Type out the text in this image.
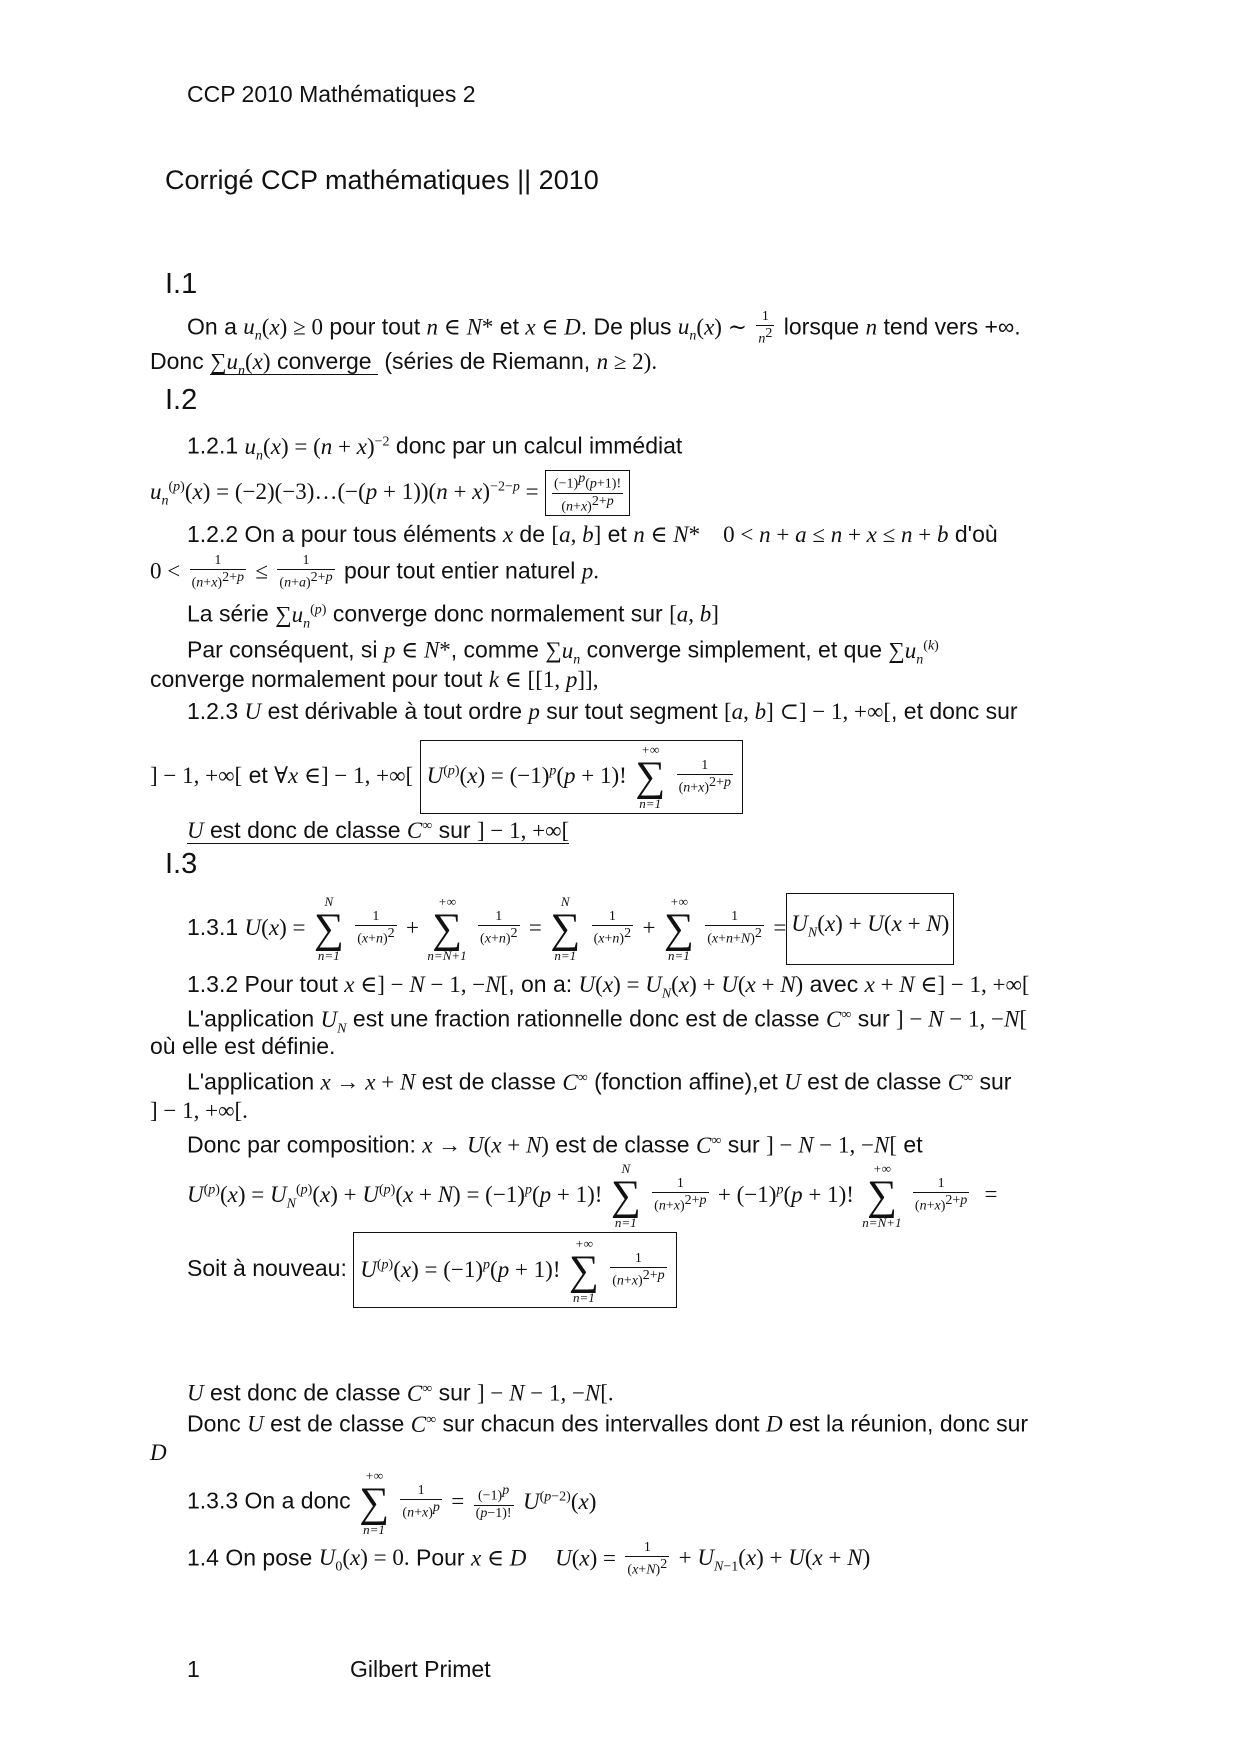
CCP 2010 Mathématiques 2
Corrigé CCP mathématiques || 2010
I.1
On a $u_n(x) \ge 0$ pour tout n ∈ N* et x ∈ D. De plus $u_n(x)$ ∼ $\frac{1}{n^2}$ lorsque n tend vers +∞.
Donc $\sum u_n(x)$ converge (séries de Riemann, n ≥ 2).
I.2
1.2.1 $u_n(x) = (n + x)^{-2}$ donc par un calcul immédiat
$u_n^{(p)}(x)$ = (−2)(−3)…(−(p + $1))(n + x)^{-2-p} = \frac{(-1)^p(p+1)!}{(n+x)^{2+p}}$
1.2.2 On a pour tous éléments x de [a, b] et n ∈ N*    0 < n + a ≤ n + x ≤ n + b d'où
$0 < \frac{1}{(n+x)^{2+p}} \le \frac{1}{(n+a)^{2+p}}$ pour tout entier naturel p.
La série $\sum u_n^{(p)}$ converge donc normalement sur [a, b]
Par conséquent, si p ∈ N*, comme $\sum u_n$ converge simplement, et que $\sum u_n^{(k)}$
converge normalement pour tout k ∈ [[1, p]],
1.2.3 U est dérivable à tout ordre p sur tout segment [a, b] ⊂] − 1, +∞[, et donc sur
] − 1, +∞[ et ∀x ∈] − 1, +∞[ $U^{(p)}(x) = (-1)^p(p + 1)$!
+∞
∑
n=1

$\frac{1}{(n+x)^{2+p}}$
U est donc de classe C∞ sur ] − 1, +∞[
I.3
1.3.1 U(x) =
N
∑
n=1

$\frac{1}{(x+n)^2}$ +
+∞
∑
n=N+1

$\frac{1}{(x+n)^2}$ =
N
∑
n=1

$\frac{1}{(x+n)^2}$ +
+∞
∑
n=1

$\frac{1}{(x+n+N)^2} = U_N(x) + U(x + N)$
1.3.2 Pour tout x ∈] − N − 1, −N[, on a: $U(x) = U_N(x) + U(x + N)$ avec x + N ∈] − 1, +∞[
L'application $U_N$ est une fraction rationnelle donc est de classe C∞ sur ] − N − 1, −N[
où elle est définie.
L'application x → x + N est de classe C∞ (fonction affine),et U est de classe C∞ sur
] − 1, +∞[.
Donc par composition: x → U(x + N) est de classe C∞ sur ] − N − 1, −N[ et
$U^{(p)}(x) = U_N^{(p)}(x) + U^{(p)}(x + N) = (-1)^p(p + 1)$!
N
∑
n=1

$\frac{1}{(n+x)^{2+p}} + (-1)^p(p + 1)$!
+∞
∑
n=N+1

$\frac{1}{(n+x)^{2+p}}$ =
Soit à nouveau: $U^{(p)}(x) = (-1)^p(p + 1)$!
+∞
∑
n=1

$\frac{1}{(n+x)^{2+p}}$
U est donc de classe C∞ sur ] − N − 1, −N[.
Donc U est de classe C∞ sur chacun des intervalles dont D est la réunion, donc sur
D
1.3.3 On a donc
+∞
∑
n=1

$\frac{1}{(n+x)^p} = \frac{(-1)^p}{(p-1)!} U^{(p-2)}(x)$
1.4 On pose $U_0(x) = 0$. Pour x ∈ D $U(x) = \frac{1}{(x+N)^2} + U_{N-1}(x) + U(x + N)$
1	Gilbert Primet
